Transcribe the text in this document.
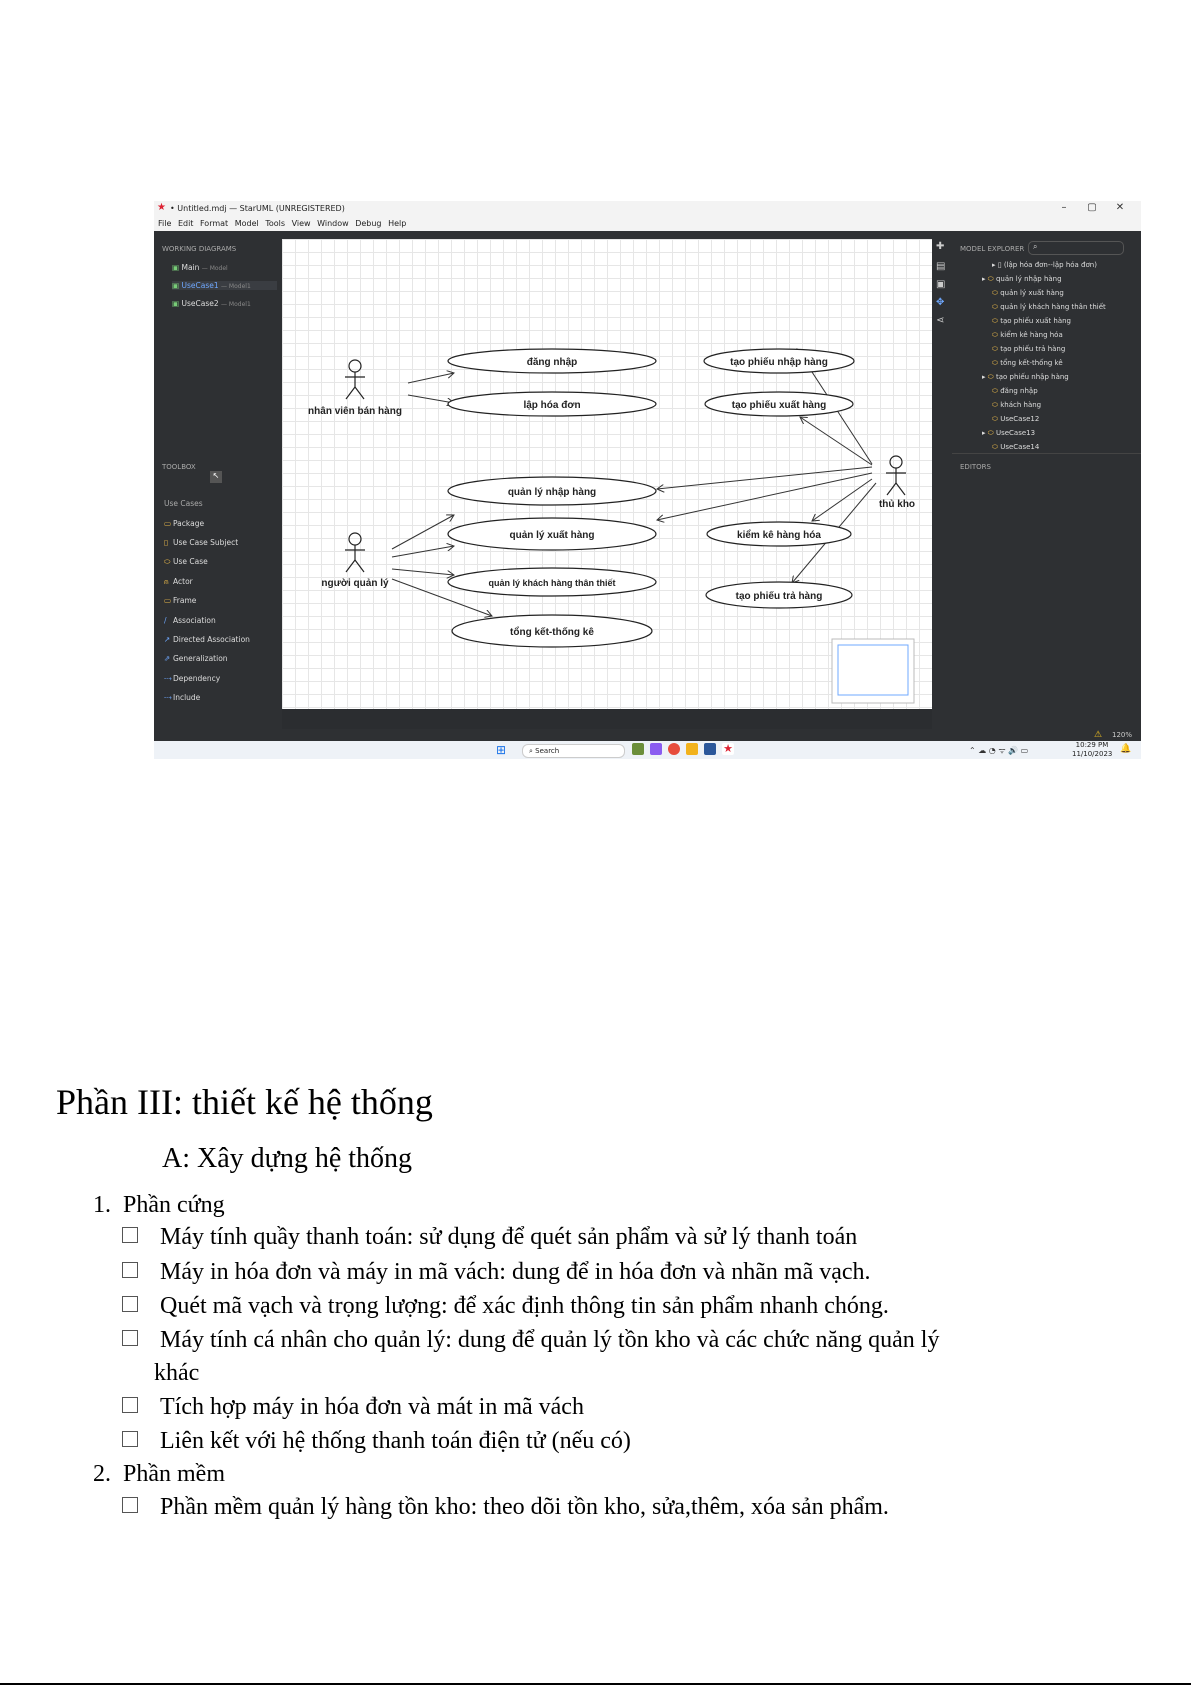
★ • Untitled.mdj — StarUML (UNREGISTERED)	–	▢	✕
File Edit Format Model Tools View Window Debug Help
WORKING DIAGRAMS
▣ Main — Model
▣ UseCase1 — Model1
▣ UseCase2 — Model1
TOOLBOX
↖
Use Cases
▭ Package
▯ Use Case Subject
⬭ Use Case
⍝ Actor
▭ Frame
/ Association
↗ Directed Association
⇗ Generalization
⤏Dependency
⤏Include
đăng nhập
lập hóa đơn
quản lý nhập hàng
quản lý xuất hàng
quản lý khách hàng thân thiết
tổng kết-thống kê
tạo phiếu nhập hàng
tạo phiếu xuất hàng
kiểm kê hàng hóa
tạo phiếu trả hàng
nhân viên bán hàng
người quản lý
thủ kho
✚
▤
▣
✥
⋖
MODEL EXPLORER	⌕
▸ ▯ (lập hóa đơn--lập hóa đơn)
▸ ⬭ quản lý nhập hàng
⬭ quản lý xuất hàng
⬭ quản lý khách hàng thân thiết
⬭ tạo phiếu xuất hàng
⬭ kiểm kê hàng hóa
⬭ tạo phiếu trả hàng
⬭ tổng kết-thống kê
▸ ⬭ tạo phiếu nhập hàng
⬭ đăng nhập
⬭ khách hàng
⬭ UseCase12
▸ ⬭ UseCase13
⬭ UseCase14
EDITORS
⚠ 120%
⊞	⌕ Search	★	⌃ ☁ ◔ ᯤ 🔊 ▭
10:29 PM
11/10/2023 🔔
Phần III: thiết kế hệ thống
A: Xây dựng hệ thống
1. Phần cứng
Máy tính quầy thanh toán: sử dụng để quét sản phẩm và sử lý thanh toán
Máy in hóa đơn và máy in mã vách: dung để in hóa đơn và nhãn mã vạch.
Quét mã vạch và trọng lượng: để xác định thông tin sản phẩm nhanh chóng.
Máy tính cá nhân cho quản lý: dung để quản lý tồn kho và các chức năng quản lý
khác
Tích hợp máy in hóa đơn và mát in mã vách
Liên kết với hệ thống thanh toán điện tử (nếu có)
2. Phần mềm
Phần mềm quản lý hàng tồn kho: theo dõi tồn kho, sửa,thêm, xóa sản phẩm.
